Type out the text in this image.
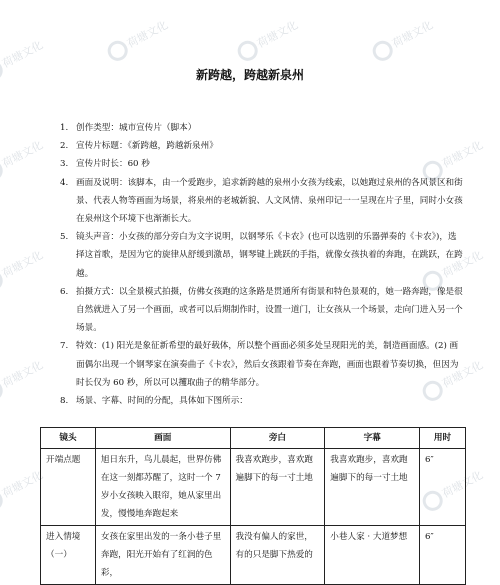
荷塘文化
荷塘文化	荷塘文化	荷塘文化
荷塘文化	荷塘文化
荷塘文化	荷塘文化
荷塘文化	荷塘文化
荷塘文化	荷塘文化
新跨越，跨越新泉州
1. 创作类型：城市宣传片（脚本）
2. 宣传片标题：《新跨越，跨越新泉州》
3. 宣传片时长：60 秒
4. 画面及说明：该脚本，由一个爱跑步，追求新跨越的泉州小女孩为线索，以她跑过泉州的各风景区和街景、代表人物等画面为场景，将泉州的老城新貌、人文风情、泉州印记一一呈现在片子里，同时小女孩在泉州这个环境下也渐渐长大。
5. 镜头声音：小女孩的部分旁白为文字说明，以钢琴乐《卡农》(也可以选别的乐器弹奏的《卡农》)，选择这首歌，是因为它的旋律从舒缓到激昂，钢琴键上跳跃的手指，就像女孩执着的奔跑，在跳跃，在跨越。
6. 拍摄方式：以全景模式拍摄，仿佛女孩跑的这条路是贯通所有街景和特色景观的，她一路奔跑，像是很自然就进入了另一个画面，或者可以后期制作时，设置一道门，让女孩从一个场景，走向门进入另一个场景。
7. 特效：(1) 阳光是象征新希望的最好载体，所以整个画面必须多处呈现阳光的美，制造画面感。(2) 画面偶尔出现一个钢琴家在演奏曲子《卡农》，然后女孩跟着节奏在奔跑，画面也跟着节奏切换，但因为时长仅为 60 秒，所以可以攫取曲子的精华部分。
8. 场景、字幕、时间的分配，具体如下图所示：
镜头	画面	旁白	字幕	用时
开端点题	旭日东升，鸟儿晨起，世界仿佛在这一刻都苏醒了，这时一个 7 岁小女孩映入眼帘，她从家里出发，慢慢地奔跑起来	我喜欢跑步，喜欢跑遍脚下的每一寸土地	我喜欢跑步，喜欢跑遍脚下的每一寸土地	6″
进入情境（一）	女孩在家里出发的一条小巷子里奔跑，阳光开始有了红润的色彩，	我没有偏人的家世，有的只是脚下热爱的	小巷人家 · 大道梦想	6″
